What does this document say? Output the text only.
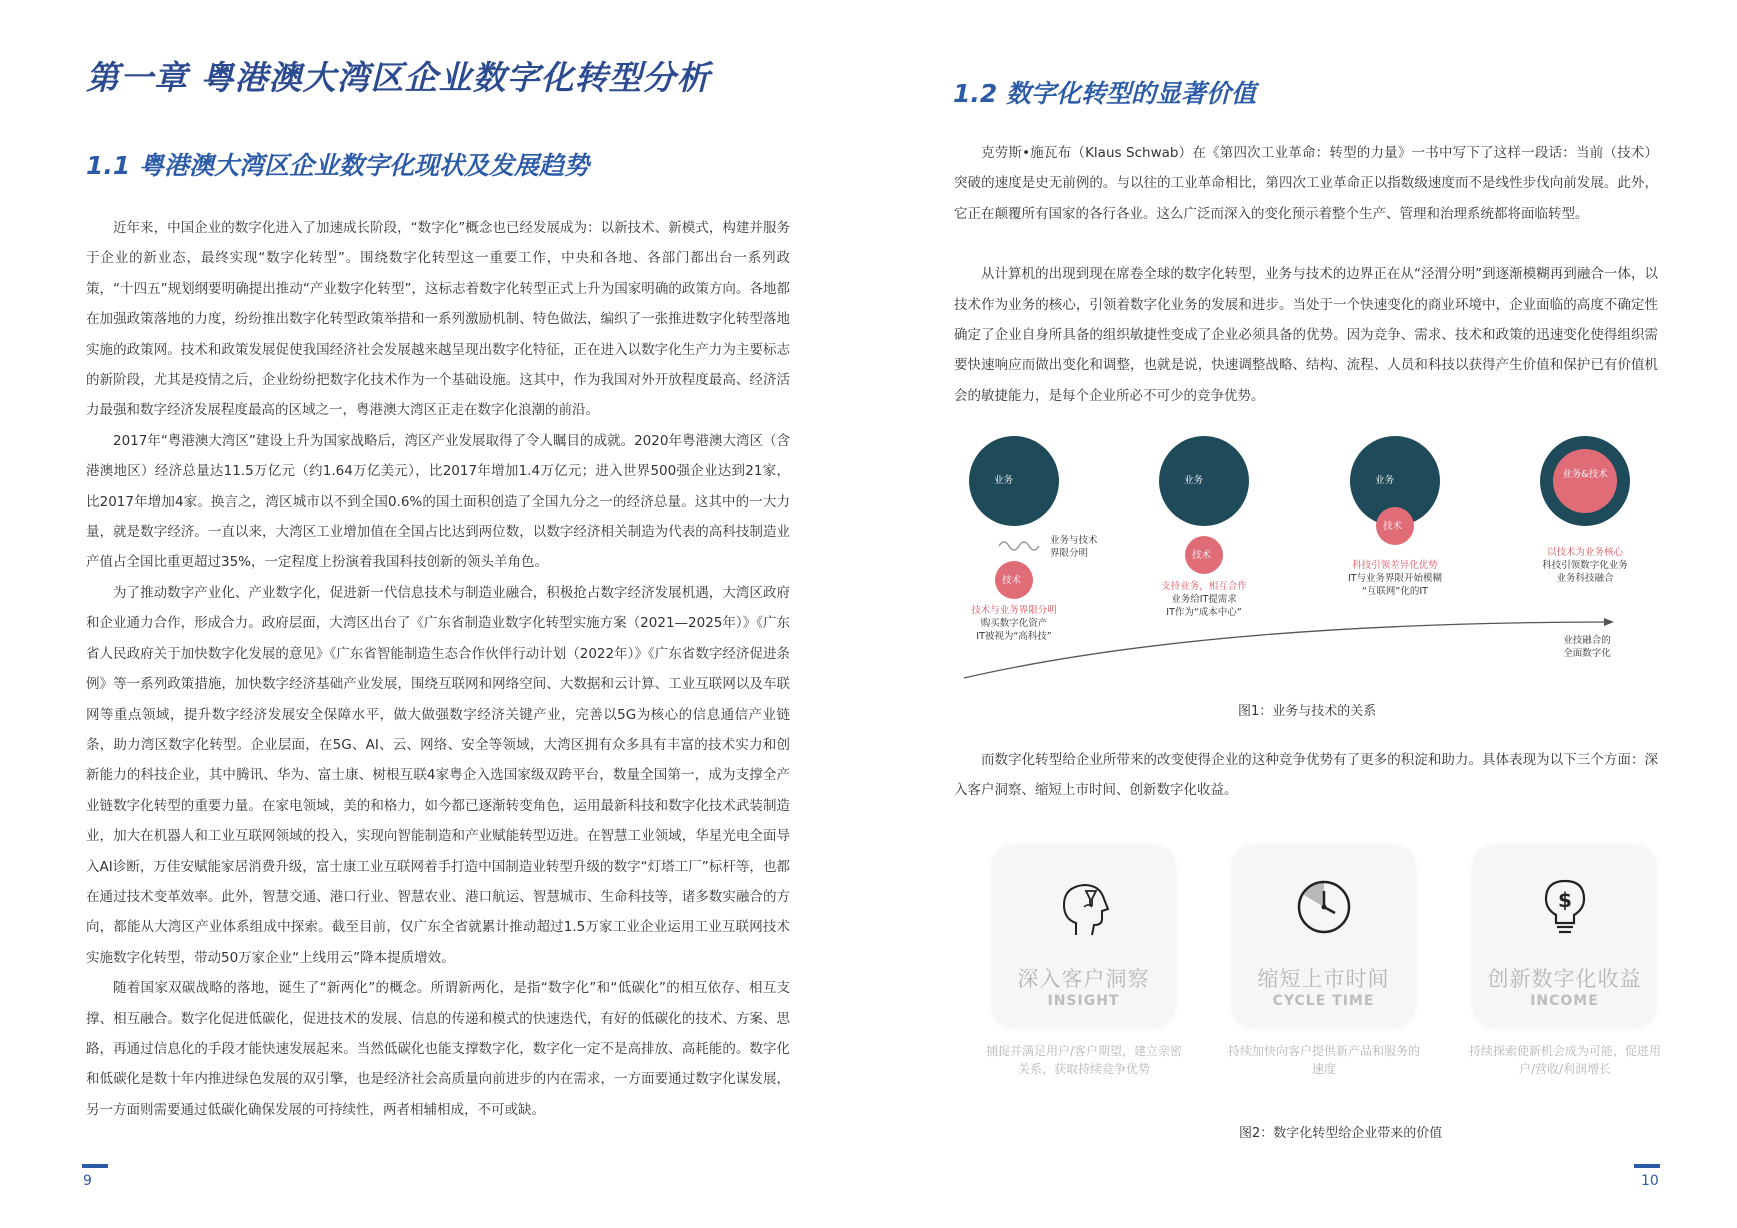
第一章 粤港澳大湾区企业数字化转型分析
1.1 粤港澳大湾区企业数字化现状及发展趋势

近年来，中国企业的数字化进入了加速成长阶段，“数字化”概念也已经发展成为：以新技术、新模式，构建并服务于企业的新业态，最终实现“数字化转型”。围绕数字化转型这一重要工作，中央和各地、各部门都出台一系列政策，“十四五”规划纲要明确提出推动“产业数字化转型”，这标志着数字化转型正式上升为国家明确的政策方向。各地都在加强政策落地的力度，纷纷推出数字化转型政策举措和一系列激励机制、特色做法，编织了一张推进数字化转型落地实施的政策网。技术和政策发展促使我国经济社会发展越来越呈现出数字化特征，正在进入以数字化生产力为主要标志的新阶段，尤其是疫情之后，企业纷纷把数字化技术作为一个基础设施。这其中，作为我国对外开放程度最高、经济活力最强和数字经济发展程度最高的区域之一，粤港澳大湾区正走在数字化浪潮的前沿。

2017年“粤港澳大湾区”建设上升为国家战略后，湾区产业发展取得了令人瞩目的成就。2020年粤港澳大湾区（含港澳地区）经济总量达11.5万亿元（约1.64万亿美元），比2017年增加1.4万亿元；进入世界500强企业达到21家，比2017年增加4家。换言之，湾区城市以不到全国0.6%的国土面积创造了全国九分之一的经济总量。这其中的一大力量，就是数字经济。一直以来，大湾区工业增加值在全国占比达到两位数，以数字经济相关制造为代表的高科技制造业产值占全国比重更超过35%，一定程度上扮演着我国科技创新的领头羊角色。

为了推动数字产业化、产业数字化，促进新一代信息技术与制造业融合，积极抢占数字经济发展机遇，大湾区政府和企业通力合作，形成合力。政府层面，大湾区出台了《广东省制造业数字化转型实施方案（2021—2025年）》《广东省人民政府关于加快数字化发展的意见》《广东省智能制造生态合作伙伴行动计划（2022年）》《广东省数字经济促进条例》等一系列政策措施，加快数字经济基础产业发展，围绕互联网和网络空间、大数据和云计算、工业互联网以及车联网等重点领域，提升数字经济发展安全保障水平，做大做强数字经济关键产业，完善以5G为核心的信息通信产业链条，助力湾区数字化转型。企业层面，在5G、AI、云、网络、安全等领域，大湾区拥有众多具有丰富的技术实力和创新能力的科技企业，其中腾讯、华为、富士康、树根互联4家粤企入选国家级双跨平台，数量全国第一，成为支撑全产业链数字化转型的重要力量。在家电领域，美的和格力，如今都已逐渐转变角色，运用最新科技和数字化技术武装制造业，加大在机器人和工业互联网领域的投入，实现向智能制造和产业赋能转型迈进。在智慧工业领域，华星光电全面导入AI诊断，万佳安赋能家居消费升级，富士康工业互联网着手打造中国制造业转型升级的数字“灯塔工厂”标杆等，也都在通过技术变革效率。此外，智慧交通、港口行业、智慧农业、港口航运、智慧城市、生命科技等，诸多数实融合的方向，都能从大湾区产业体系组成中探索。截至目前，仅广东全省就累计推动超过1.5万家工业企业运用工业互联网技术实施数字化转型，带动50万家企业“上线用云”降本提质增效。

随着国家双碳战略的落地，诞生了“新两化”的概念。所谓新两化，是指“数字化”和“低碳化”的相互依存、相互支撑、相互融合。数字化促进低碳化，促进技术的发展、信息的传递和模式的快速迭代，有好的低碳化的技术、方案、思路，再通过信息化的手段才能快速发展起来。当然低碳化也能支撑数字化，数字化一定不是高排放、高耗能的。数字化和低碳化是数十年内推进绿色发展的双引擎，也是经济社会高质量向前进步的内在需求，一方面要通过数字化谋发展，另一方面则需要通过低碳化确保发展的可持续性，两者相辅相成，不可或缺。

9
1.2 数字化转型的显著价值

克劳斯•施瓦布（Klaus Schwab）在《第四次工业革命：转型的力量》一书中写下了这样一段话：当前（技术）突破的速度是史无前例的。与以往的工业革命相比，第四次工业革命正以指数级速度而不是线性步伐向前发展。此外，它正在颠覆所有国家的各行各业。这么广泛而深入的变化预示着整个生产、管理和治理系统都将面临转型。

从计算机的出现到现在席卷全球的数字化转型，业务与技术的边界正在从“泾渭分明”到逐渐模糊再到融合一体，以技术作为业务的核心，引领着数字化业务的发展和进步。当处于一个快速变化的商业环境中，企业面临的高度不确定性确定了企业自身所具备的组织敏捷性变成了企业必须具备的优势。因为竞争、需求、技术和政策的迅速变化使得组织需要快速响应而做出变化和调整，也就是说，快速调整战略、结构、流程、人员和科技以获得产生价值和保护已有价值机会的敏捷能力，是每个企业所必不可少的竞争优势。

业务	业务	业务
业务&技术
技术
技术
技术
业务与技术
界限分明
技术与业务界限分明
购买数字化资产
IT被视为“高科技”
支持业务，相互合作
业务给IT提需求
IT作为“成本中心”
科技引领差异化优势
IT与业务界限开始模糊
“互联网”化的IT
以技术为业务核心
科技引领数字化业务
业务科技融合
业技融合的
全面数字化
图1：业务与技术的关系

而数字化转型给企业所带来的改变使得企业的这种竞争优势有了更多的积淀和助力。具体表现为以下三个方面：深入客户洞察、缩短上市时间、创新数字化收益。

深入客户洞察
INSIGHT
缩短上市时间
CYCLE TIME
$
创新数字化收益
INCOME
捕捉并满足用户/客户期望，建立亲密关系，获取持续竞争优势
持续加快向客户提供新产品和服务的速度
持续探索使新机会成为可能，促进用户/营收/利润增长
图2：数字化转型给企业带来的价值
10
